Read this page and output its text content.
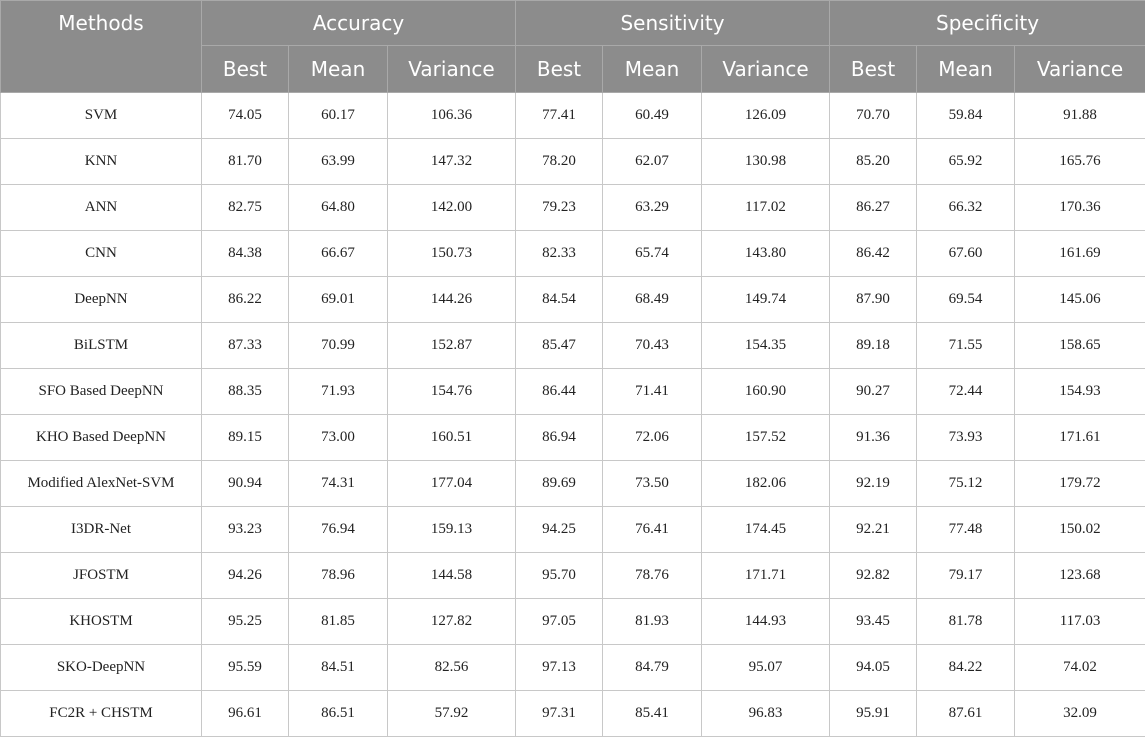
Methods	Accuracy			Sensitivity			Specificity		
	Best	Mean	Variance	Best	Mean	Variance	Best	Mean	Variance
SVM	74.05	60.17	106.36	77.41	60.49	126.09	70.70	59.84	91.88
KNN	81.70	63.99	147.32	78.20	62.07	130.98	85.20	65.92	165.76
ANN	82.75	64.80	142.00	79.23	63.29	117.02	86.27	66.32	170.36
CNN	84.38	66.67	150.73	82.33	65.74	143.80	86.42	67.60	161.69
DeepNN	86.22	69.01	144.26	84.54	68.49	149.74	87.90	69.54	145.06
BiLSTM	87.33	70.99	152.87	85.47	70.43	154.35	89.18	71.55	158.65
SFO Based DeepNN	88.35	71.93	154.76	86.44	71.41	160.90	90.27	72.44	154.93
KHO Based DeepNN	89.15	73.00	160.51	86.94	72.06	157.52	91.36	73.93	171.61
Modified AlexNet-SVM	90.94	74.31	177.04	89.69	73.50	182.06	92.19	75.12	179.72
I3DR-Net	93.23	76.94	159.13	94.25	76.41	174.45	92.21	77.48	150.02
JFOSTM	94.26	78.96	144.58	95.70	78.76	171.71	92.82	79.17	123.68
KHOSTM	95.25	81.85	127.82	97.05	81.93	144.93	93.45	81.78	117.03
SKO-DeepNN	95.59	84.51	82.56	97.13	84.79	95.07	94.05	84.22	74.02
FC2R + CHSTM	96.61	86.51	57.92	97.31	85.41	96.83	95.91	87.61	32.09
